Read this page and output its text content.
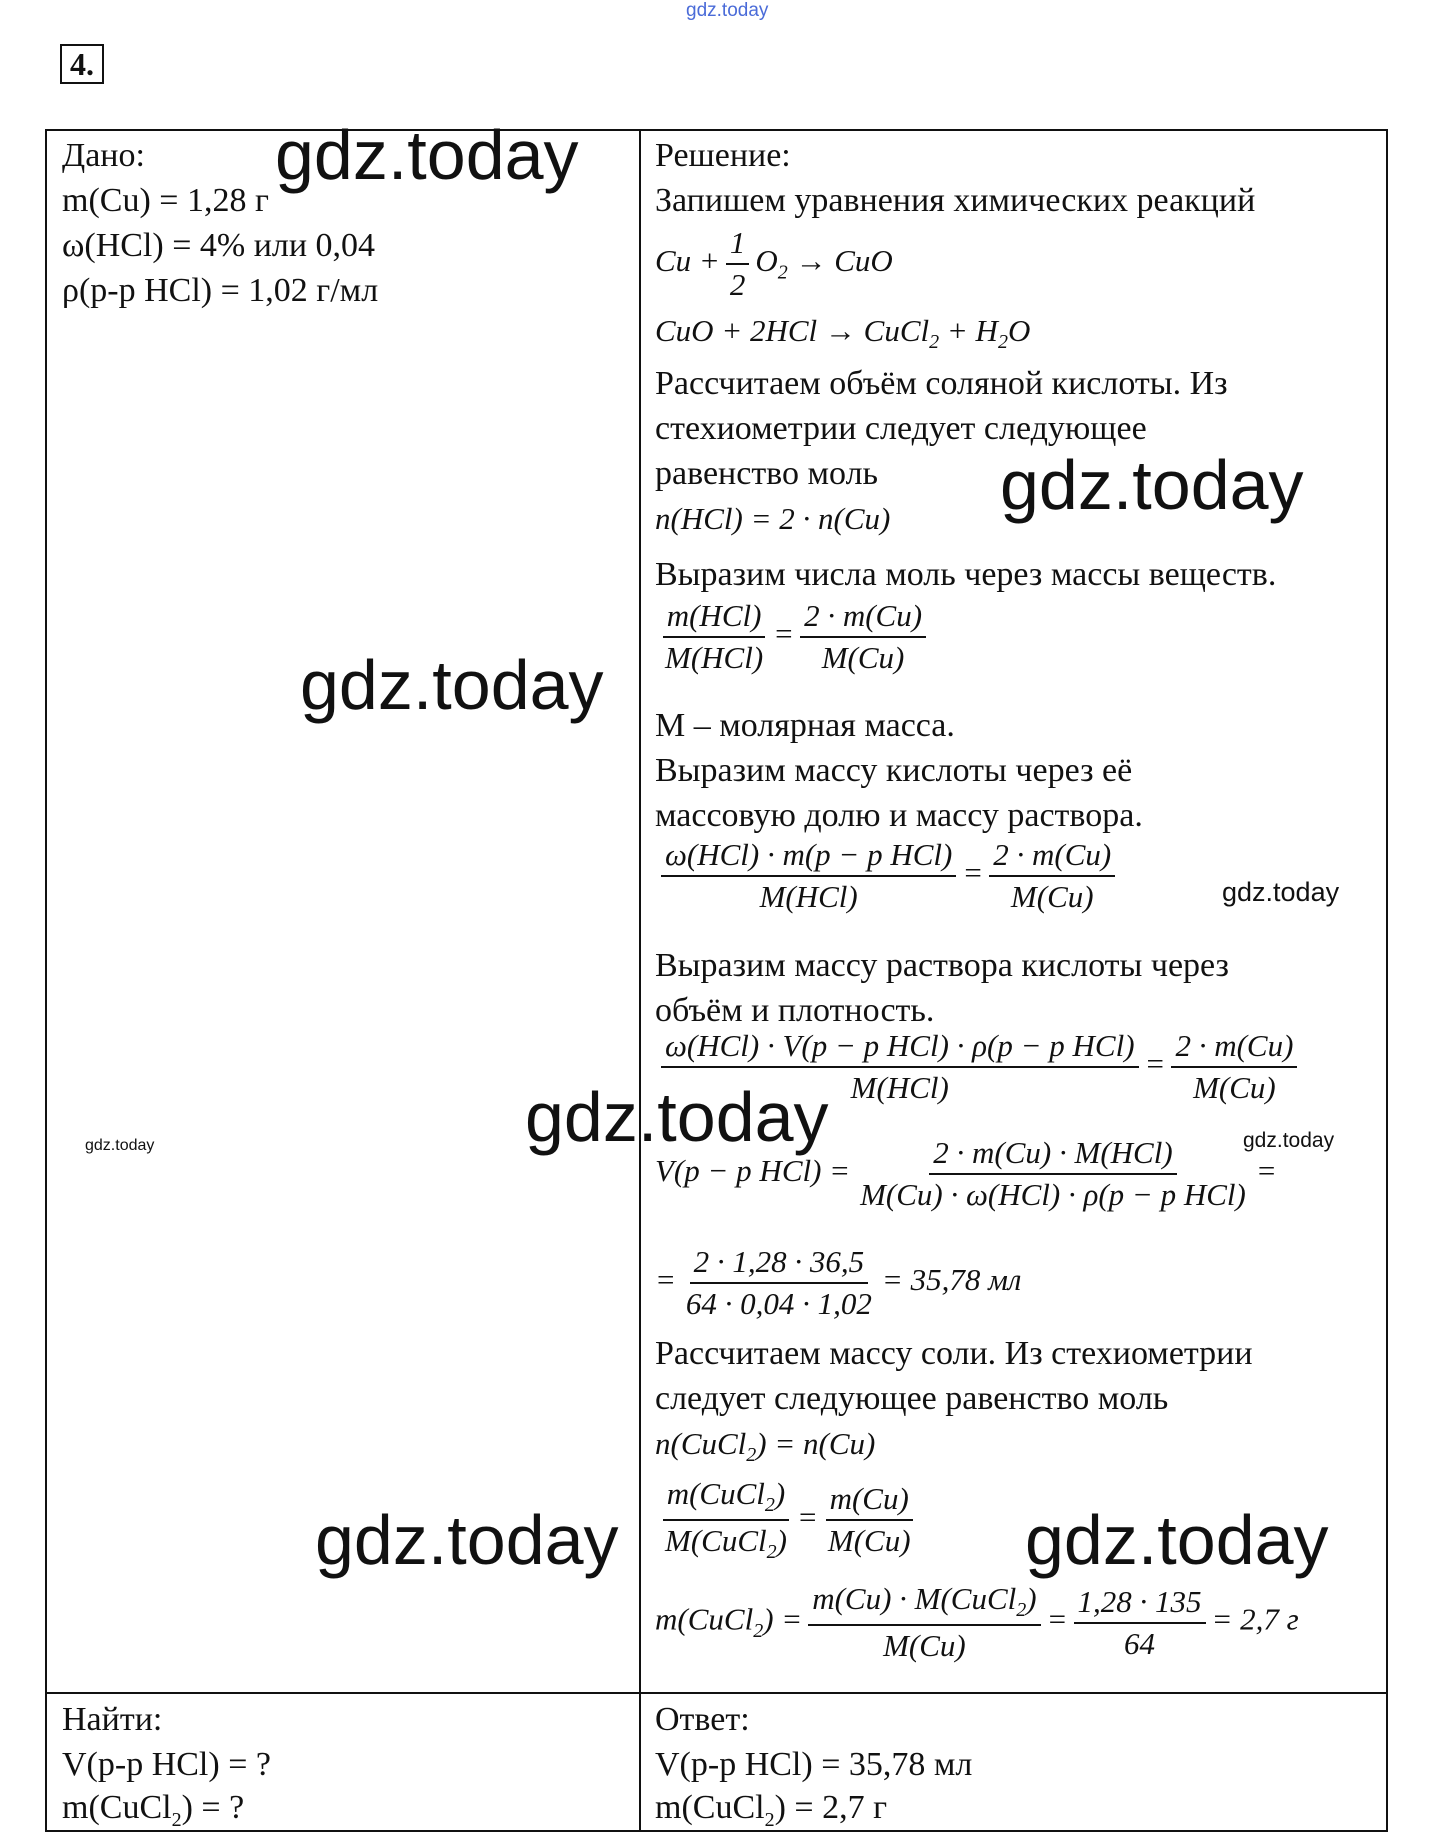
gdz.today
4.
Дано:
m(Cu) = 1,28 г
ω(HCl) = 4% или 0,04
ρ(р-р HCl) = 1,02 г/мл
Найти:
V(р-р HCl) = ?
m(CuCl$_2$) = ?
Решение:
Запишем уравнения химических реакций
$Cu + \frac{1}{2} O_2$ → CuO
CuO + 2HCl → CuCl$_2$ + $H_2O$
Рассчитаем объём соляной кислоты. Из
стехиометрии следует следующее
равенство моль
n(HCl) = 2 · n(Cu)
Выразим числа моль через массы веществ.
$\frac{\text{m(HCl)}}{\text{M(HCl)}} = \frac{2 \cdot m(Cu)}{M(Cu)}$
M – молярная масса.
Выразим массу кислоты через её
массовую долю и массу раствора.
$\frac{\text{ω(HCl) · m(p − p HCl)}}{\text{M(HCl)}} = \frac{2 \cdot m(Cu)}{M(Cu)}$
Выразим массу раствора кислоты через
объём и плотность.
$\frac{\text{ω(HCl) · V(p − p HCl) · ρ(p − p HCl)}}{\text{M(HCl)}} = \frac{2 \cdot m(Cu)}{M(Cu)}$
V(p − p $HCl) = \frac{\text{2 · m(Cu) · M(HCl)}}{\text{M(Cu) · ω(HCl) · ρ(p − p HCl)}}$ =
= $\frac{2 \cdot 1,28 \cdot 36,5}{64 \cdot 0,04 \cdot 1,02} = 35,78$ мл
Рассчитаем массу соли. Из стехиометрии
следует следующее равенство моль
n(CuCl$_2$) = n(Cu)
$\frac{m(CuCl_2)}{M(CuCl_2)} = \frac{m(Cu)}{M(Cu)}$
m(CuCl$_2$) = $\frac{m(Cu) \cdot M(CuCl_2)}{M(Cu)} = \frac{1,28 \cdot 135}{64} = 2,7$ г
Ответ:
V(р-р HCl) = 35,78 мл
m(CuCl$_2$) = 2,7 г
gdz.today
gdz.today
gdz.today
gdz.today
gdz.today
gdz.today	gdz.today
gdz.today	gdz.today
